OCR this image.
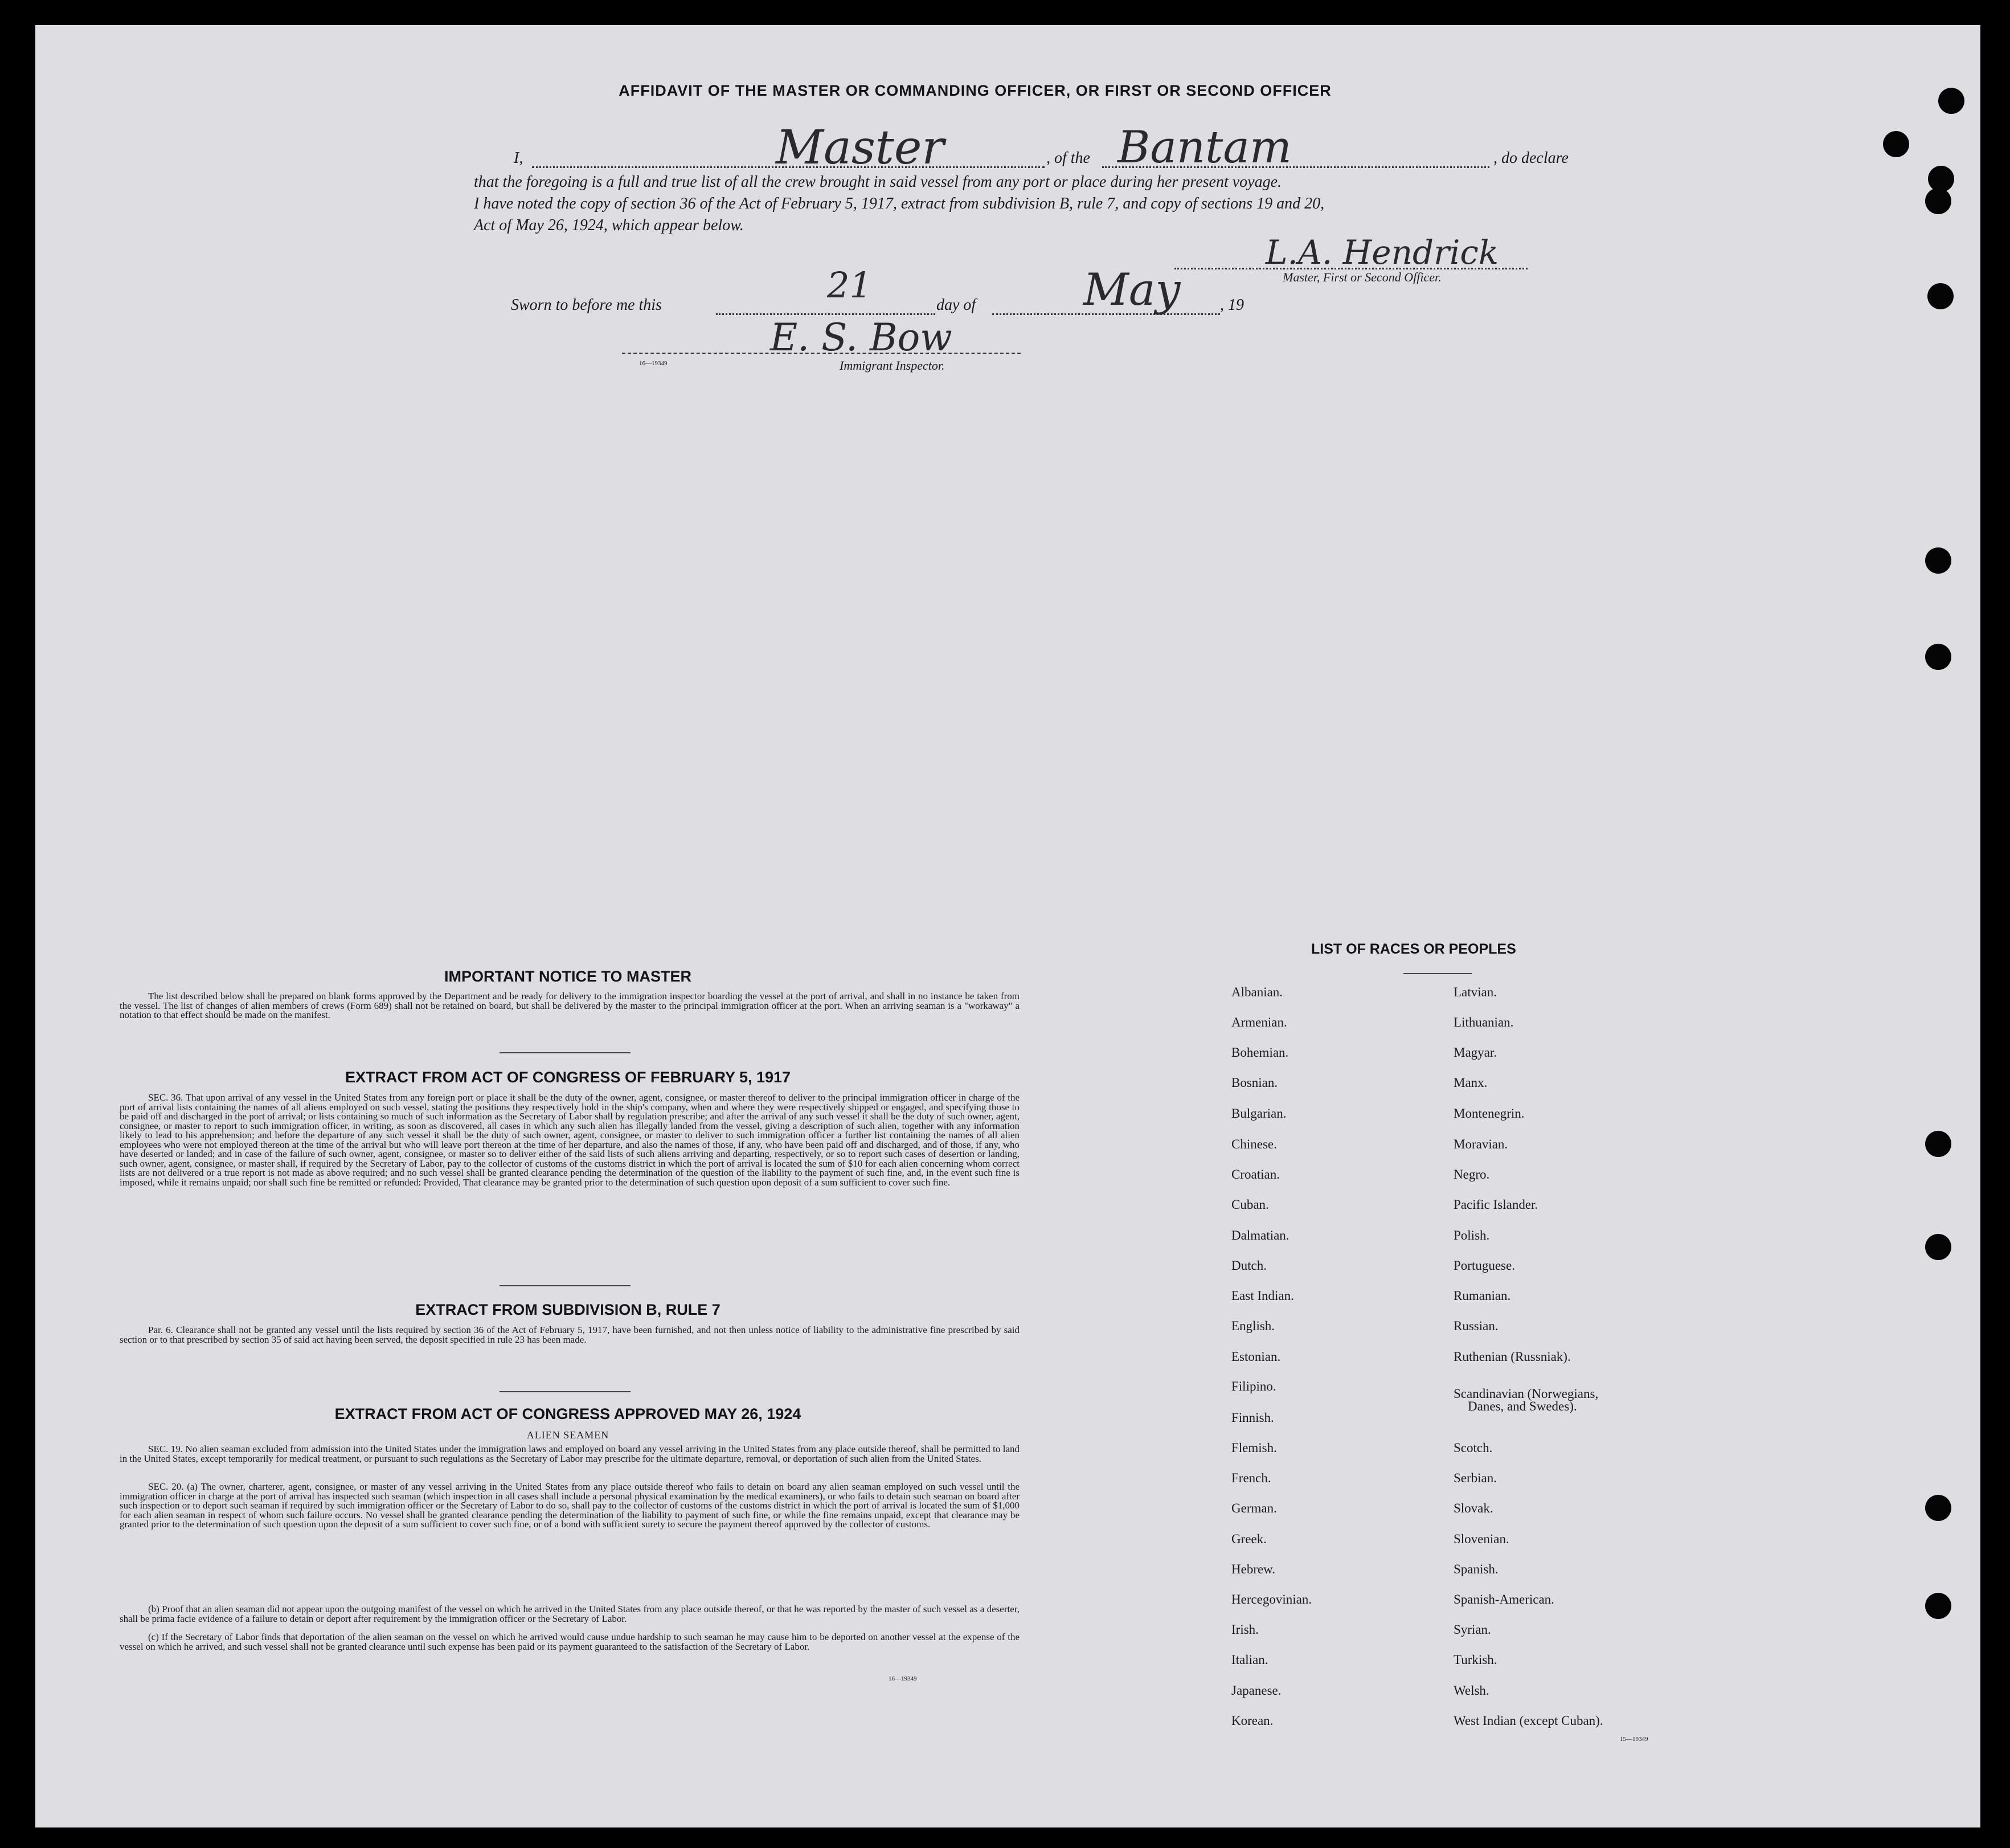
AFFIDAVIT OF THE MASTER OR COMMANDING OFFICER, OR FIRST OR SECOND OFFICER
I,	Master	, of the Bantam	, do declare
that the foregoing is a full and true list of all the crew brought in said vessel from any port or place during her present voyage.
I have noted the copy of section 36 of the Act of February 5, 1917, extract from subdivision B, rule 7, and copy of sections 19 and 20,
Act of May 26, 1924, which appear below.
L.A. Hendrick
Master, First or Second Officer.
Sworn to before me this	21	day of May , 19
E. S. Bow
16—19349	Immigrant Inspector.
IMPORTANT NOTICE TO MASTER

The list described below shall be prepared on blank forms approved by the Department and be ready for delivery to the immigration inspector boarding the vessel at the port of arrival, and shall in no instance be taken from the vessel. The list of changes of alien members of crews (Form 689) shall not be retained on board, but shall be delivered by the master to the principal immigration officer at the port. When an arriving seaman is a "workaway" a notation to that effect should be made on the manifest.

EXTRACT FROM ACT OF CONGRESS OF FEBRUARY 5, 1917

SEC. 36. That upon arrival of any vessel in the United States from any foreign port or place it shall be the duty of the owner, agent, consignee, or master thereof to deliver to the principal immigration officer in charge of the port of arrival lists containing the names of all aliens employed on such vessel, stating the positions they respectively hold in the ship's company, when and where they were respectively shipped or engaged, and specifying those to be paid off and discharged in the port of arrival; or lists containing so much of such information as the Secretary of Labor shall by regulation prescribe; and after the arrival of any such vessel it shall be the duty of such owner, agent, consignee, or master to report to such immigration officer, in writing, as soon as discovered, all cases in which any such alien has illegally landed from the vessel, giving a description of such alien, together with any information likely to lead to his apprehension; and before the departure of any such vessel it shall be the duty of such owner, agent, consignee, or master to deliver to such immigration officer a further list containing the names of all alien employees who were not employed thereon at the time of the arrival but who will leave port thereon at the time of her departure, and also the names of those, if any, who have been paid off and discharged, and of those, if any, who have deserted or landed; and in case of the failure of such owner, agent, consignee, or master so to deliver either of the said lists of such aliens arriving and departing, respectively, or so to report such cases of desertion or landing, such owner, agent, consignee, or master shall, if required by the Secretary of Labor, pay to the collector of customs of the customs district in which the port of arrival is located the sum of $10 for each alien concerning whom correct lists are not delivered or a true report is not made as above required; and no such vessel shall be granted clearance pending the determination of the question of the liability to the payment of such fine, and, in the event such fine is imposed, while it remains unpaid; nor shall such fine be remitted or refunded: Provided, That clearance may be granted prior to the determination of such question upon deposit of a sum sufficient to cover such fine.

EXTRACT FROM SUBDIVISION B, RULE 7

Par. 6. Clearance shall not be granted any vessel until the lists required by section 36 of the Act of February 5, 1917, have been furnished, and not then unless notice of liability to the administrative fine prescribed by said section or to that prescribed by section 35 of said act having been served, the deposit specified in rule 23 has been made.

EXTRACT FROM ACT OF CONGRESS APPROVED MAY 26, 1924
ALIEN SEAMEN

SEC. 19. No alien seaman excluded from admission into the United States under the immigration laws and employed on board any vessel arriving in the United States from any place outside thereof, shall be permitted to land in the United States, except temporarily for medical treatment, or pursuant to such regulations as the Secretary of Labor may prescribe for the ultimate departure, removal, or deportation of such alien from the United States.

SEC. 20. (a) The owner, charterer, agent, consignee, or master of any vessel arriving in the United States from any place outside thereof who fails to detain on board any alien seaman employed on such vessel until the immigration officer in charge at the port of arrival has inspected such seaman (which inspection in all cases shall include a personal physical examination by the medical examiners), or who fails to detain such seaman on board after such inspection or to deport such seaman if required by such immigration officer or the Secretary of Labor to do so, shall pay to the collector of customs of the customs district in which the port of arrival is located the sum of $1,000 for each alien seaman in respect of whom such failure occurs. No vessel shall be granted clearance pending the determination of the liability to payment of such fine, or while the fine remains unpaid, except that clearance may be granted prior to the determination of such question upon the deposit of a sum sufficient to cover such fine, or of a bond with sufficient surety to secure the payment thereof approved by the collector of customs.

(b) Proof that an alien seaman did not appear upon the outgoing manifest of the vessel on which he arrived in the United States from any place outside thereof, or that he was reported by the master of such vessel as a deserter, shall be prima facie evidence of a failure to detain or deport after requirement by the immigration officer or the Secretary of Labor.

(c) If the Secretary of Labor finds that deportation of the alien seaman on the vessel on which he arrived would cause undue hardship to such seaman he may cause him to be deported on another vessel at the expense of the vessel on which he arrived, and such vessel shall not be granted clearance until such expense has been paid or its payment guaranteed to the satisfaction of the Secretary of Labor.

16—19349
LIST OF RACES OR PEOPLES
15—19349
Albanian.
Armenian.
Bohemian.
Bosnian.
Bulgarian.
Chinese.
Croatian.
Cuban.
Dalmatian.
Dutch.
East Indian.
English.
Estonian.
Filipino.
Finnish.
Flemish.
French.
German.
Greek.
Hebrew.
Hercegovinian.
Irish.
Italian.
Japanese.
Korean.
Latvian.
Lithuanian.
Magyar.
Manx.
Montenegrin.
Moravian.
Negro.
Pacific Islander.
Polish.
Portuguese.
Rumanian.
Russian.
Ruthenian (Russniak).
Scandinavian (Norwegians,
Danes, and Swedes).
Scotch.
Serbian.
Slovak.
Slovenian.
Spanish.
Spanish-American.
Syrian.
Turkish.
Welsh.
West Indian (except Cuban).
